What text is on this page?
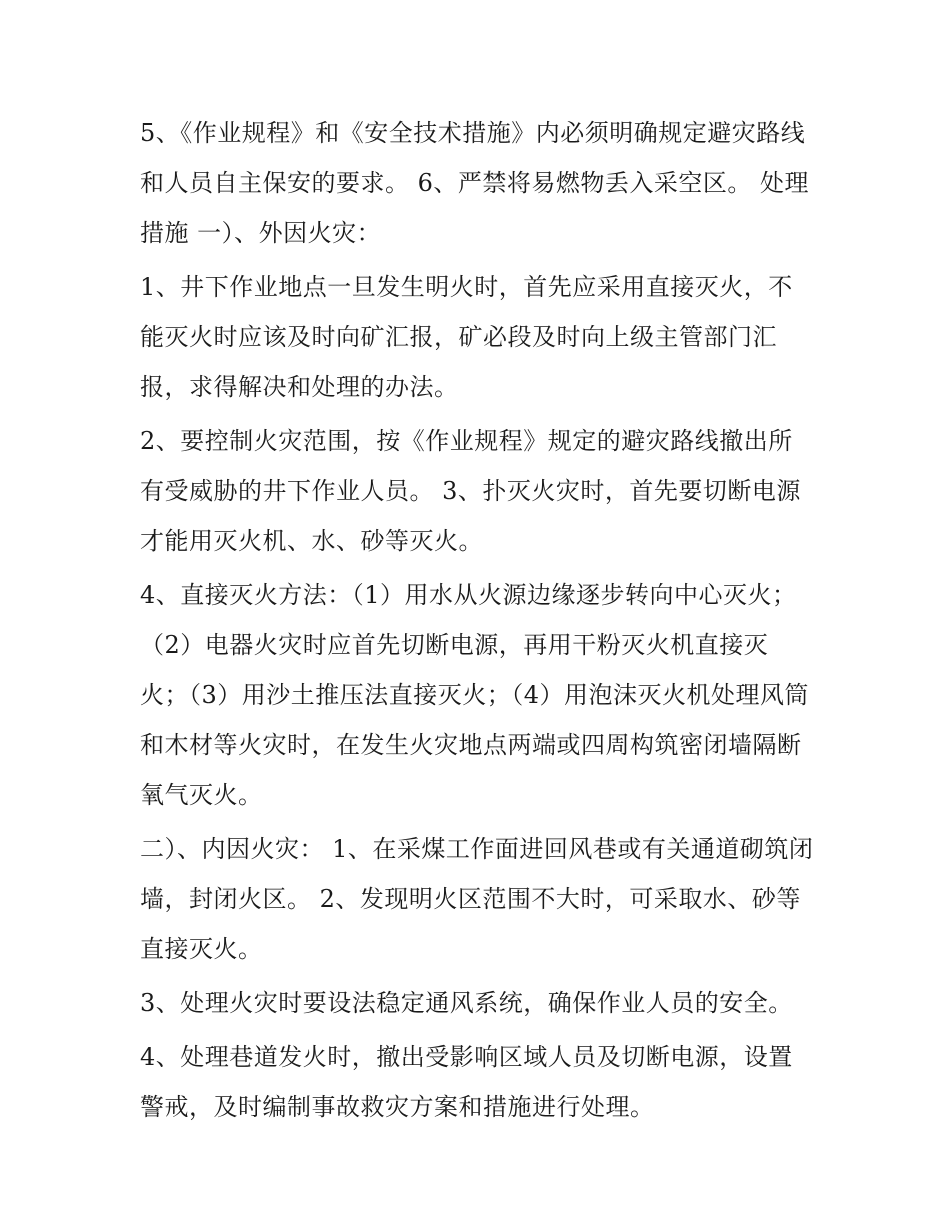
5、《作业规程》和《安全技术措施》内必须明确规定避灾路线和人员自主保安的要求。 6、严禁将易燃物丢入采空区。 处理措施 一）、外因火灾：

1、井下作业地点一旦发生明火时，首先应采用直接灭火，不能灭火时应该及时向矿汇报，矿必段及时向上级主管部门汇报，求得解决和处理的办法。

2、要控制火灾范围，按《作业规程》规定的避灾路线撤出所有受威胁的井下作业人员。 3、扑灭火灾时，首先要切断电源才能用灭火机、水、砂等灭火。

4、直接灭火方法：（1）用水从火源边缘逐步转向中心灭火；（2）电器火灾时应首先切断电源，再用干粉灭火机直接灭火；（3）用沙土推压法直接灭火；（4）用泡沫灭火机处理风筒和木材等火灾时，在发生火灾地点两端或四周构筑密闭墙隔断氧气灭火。

二）、内因火灾： 1、在采煤工作面进回风巷或有关通道砌筑闭墙，封闭火区。 2、发现明火区范围不大时，可采取水、砂等直接灭火。

3、处理火灾时要设法稳定通风系统，确保作业人员的安全。

4、处理巷道发火时，撤出受影响区域人员及切断电源，设置警戒，及时编制事故救灾方案和措施进行处理。
